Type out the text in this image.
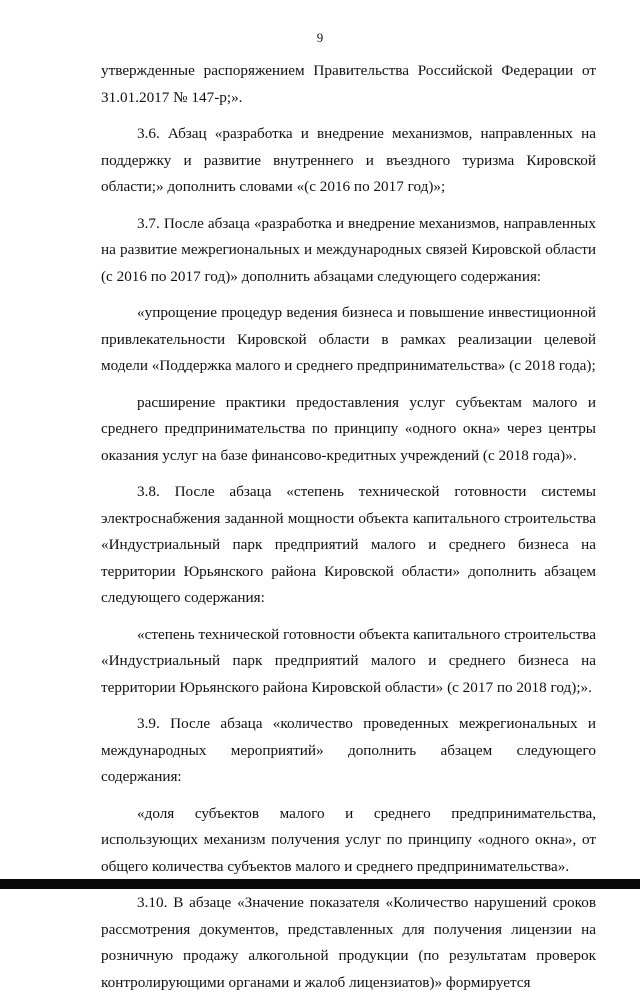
9

утвержденные распоряжением Правительства Российской Федерации от 31.01.2017 № 147-р;».

3.6. Абзац «разработка и внедрение механизмов, направленных на поддержку и развитие внутреннего и въездного туризма Кировской области;» дополнить словами «(с 2016 по 2017 год)»;

3.7. После абзаца «разработка и внедрение механизмов, направленных на развитие межрегиональных и международных связей Кировской области (с 2016 по 2017 год)» дополнить абзацами следующего содержания:

«упрощение процедур ведения бизнеса и повышение инвестиционной привлекательности Кировской области в рамках реализации целевой модели «Поддержка малого и среднего предпринимательства» (с 2018 года);

расширение практики предоставления услуг субъектам малого и среднего предпринимательства по принципу «одного окна» через центры оказания услуг на базе финансово-кредитных учреждений (с 2018 года)».

3.8. После абзаца «степень технической готовности системы электроснабжения заданной мощности объекта капитального строительства «Индустриальный парк предприятий малого и среднего бизнеса на территории Юрьянского района Кировской области» дополнить абзацем следующего содержания:

«степень технической готовности объекта капитального строительства «Индустриальный парк предприятий малого и среднего бизнеса на территории Юрьянского района Кировской области» (с 2017 по 2018 год);».

3.9. После абзаца «количество проведенных межрегиональных и международных мероприятий» дополнить абзацем следующего содержания:

«доля субъектов малого и среднего предпринимательства, использующих механизм получения услуг по принципу «одного окна», от общего количества субъектов малого и среднего предпринимательства».

3.10. В абзаце «Значение показателя «Количество нарушений сроков рассмотрения документов, представленных для получения лицензии на розничную продажу алкогольной продукции (по результатам проверок контролирующими органами и жалоб лицензиатов)» формируется
